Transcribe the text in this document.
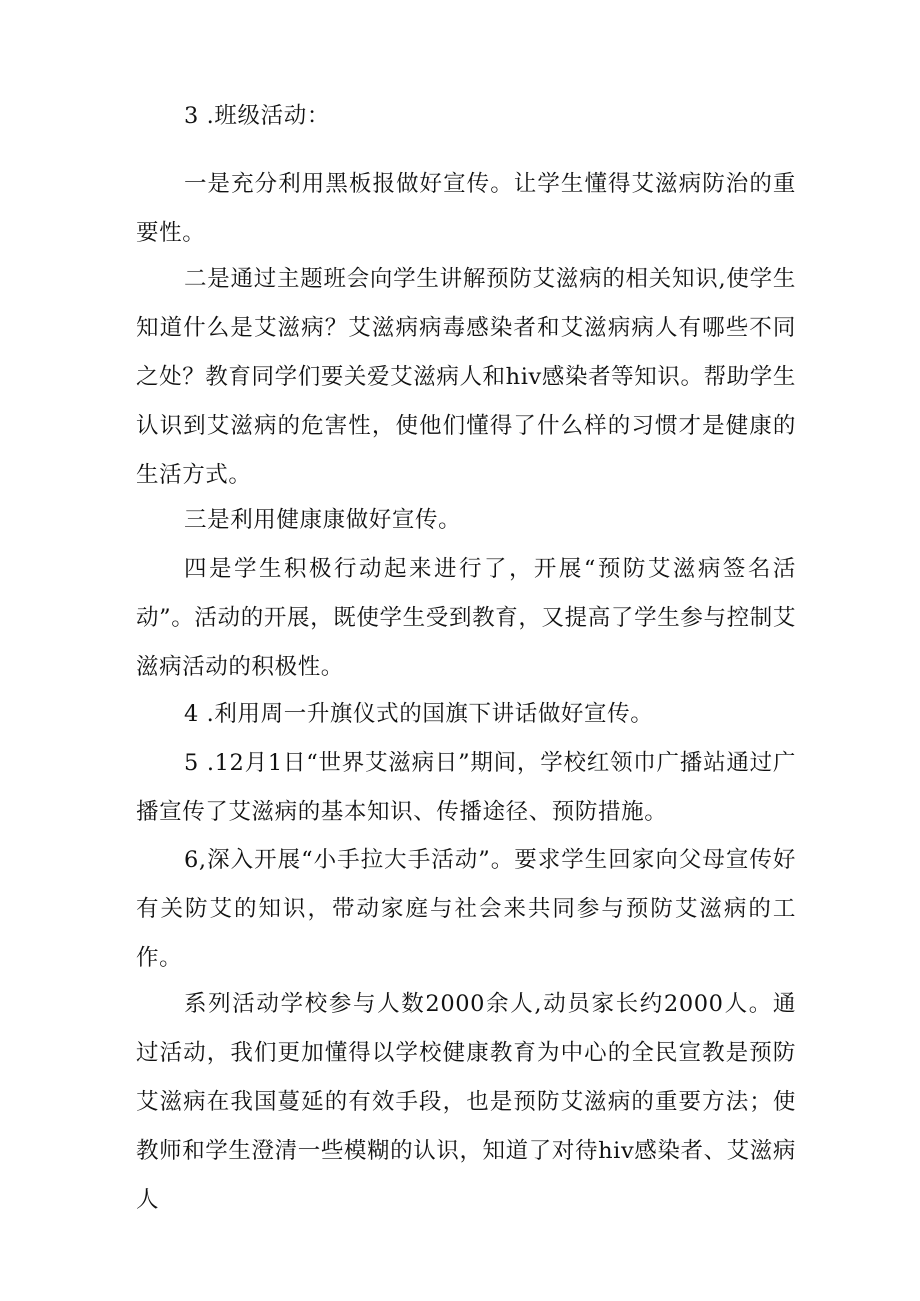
3 .班级活动：

一是充分利用黑板报做好宣传。让学生懂得艾滋病防治的重要性。

二是通过主题班会向学生讲解预防艾滋病的相关知识,使学生知道什么是艾滋病？艾滋病病毒感染者和艾滋病病人有哪些不同之处？教育同学们要关爱艾滋病人和hiv感染者等知识。帮助学生认识到艾滋病的危害性，使他们懂得了什么样的习惯才是健康的生活方式。

三是利用健康康做好宣传。

四是学生积极行动起来进行了，开展“预防艾滋病签名活动”。活动的开展，既使学生受到教育，又提高了学生参与控制艾滋病活动的积极性。

4 .利用周一升旗仪式的国旗下讲话做好宣传。

5 .12月1日“世界艾滋病日”期间，学校红领巾广播站通过广播宣传了艾滋病的基本知识、传播途径、预防措施。

6,深入开展“小手拉大手活动”。要求学生回家向父母宣传好有关防艾的知识，带动家庭与社会来共同参与预防艾滋病的工作。

系列活动学校参与人数2000余人,动员家长约2000人。通过活动，我们更加懂得以学校健康教育为中心的全民宣教是预防艾滋病在我国蔓延的有效手段，也是预防艾滋病的重要方法；使教师和学生澄清一些模糊的认识，知道了对待hiv感染者、艾滋病人
